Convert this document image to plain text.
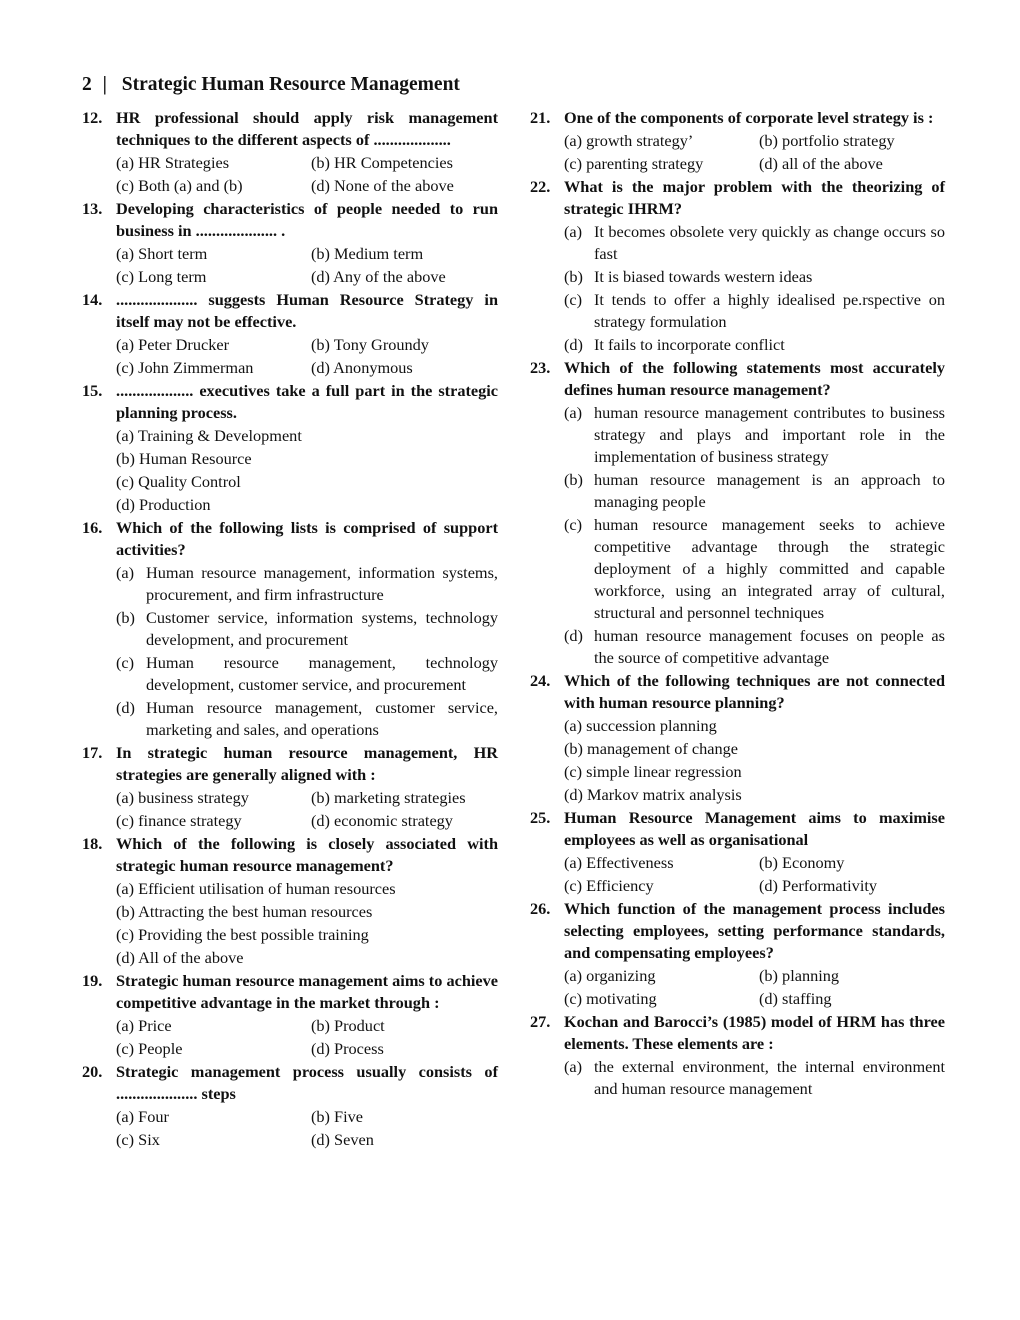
2 | Strategic Human Resource Management
12. HR professional should apply risk management techniques to the different aspects of ...................
(a) HR Strategies	(b) HR Competencies
(c) Both (a) and (b)	(d) None of the above
13. Developing characteristics of people needed to run business in .................... .
(a) Short term	(b) Medium term
(c) Long term	(d) Any of the above
14. .................... suggests Human Resource Strategy in itself may not be effective.
(a) Peter Drucker	(b) Tony Groundy
(c) John Zimmerman	(d) Anonymous
15. ................... executives take a full part in the strategic planning process.
(a) Training & Development
(b) Human Resource
(c) Quality Control
(d) Production
16. Which of the following lists is comprised of support activities?
(a) Human resource management, information systems, procurement, and firm infrastructure
(b) Customer service, information systems, technology development, and procurement
(c) Human resource management, technology development, customer service, and procurement
(d) Human resource management, customer service, marketing and sales, and operations
17. In strategic human resource management, HR strategies are generally aligned with :
(a) business strategy	(b) marketing strategies
(c) finance strategy	(d) economic strategy
18. Which of the following is closely associated with strategic human resource management?
(a) Efficient utilisation of human resources
(b) Attracting the best human resources
(c) Providing the best possible training
(d) All of the above
19. Strategic human resource management aims to achieve competitive advantage in the market through :
(a) Price	(b) Product
(c) People	(d) Process
20. Strategic management process usually consists of .................... steps
(a) Four	(b) Five
(c) Six	(d) Seven
21. One of the components of corporate level strategy is :
(a) growth strategy’	(b) portfolio strategy
(c) parenting strategy	(d) all of the above
22. What is the major problem with the theorizing of strategic IHRM?
(a) It becomes obsolete very quickly as change occurs so fast
(b) It is biased towards western ideas
(c) It tends to offer a highly idealised pe.rspective on strategy formulation
(d) It fails to incorporate conflict
23. Which of the following statements most accurately defines human resource management?
(a) human resource management contributes to business strategy and plays and important role in the implementation of business strategy
(b) human resource management is an approach to managing people
(c) human resource management seeks to achieve competitive advantage through the strategic deployment of a highly committed and capable workforce, using an integrated array of cultural, structural and personnel techniques
(d) human resource management focuses on people as the source of competitive advantage
24. Which of the following techniques are not connected with human resource planning?
(a) succession planning
(b) management of change
(c) simple linear regression
(d) Markov matrix analysis
25. Human Resource Management aims to maximise employees as well as organisational
(a) Effectiveness	(b) Economy
(c) Efficiency	(d) Performativity
26. Which function of the management process includes selecting employees, setting performance standards, and compensating employees?
(a) organizing	(b) planning
(c) motivating	(d) staffing
27. Kochan and Barocci’s (1985) model of HRM has three elements. These elements are :
(a) the external environment, the internal environment and human resource management
